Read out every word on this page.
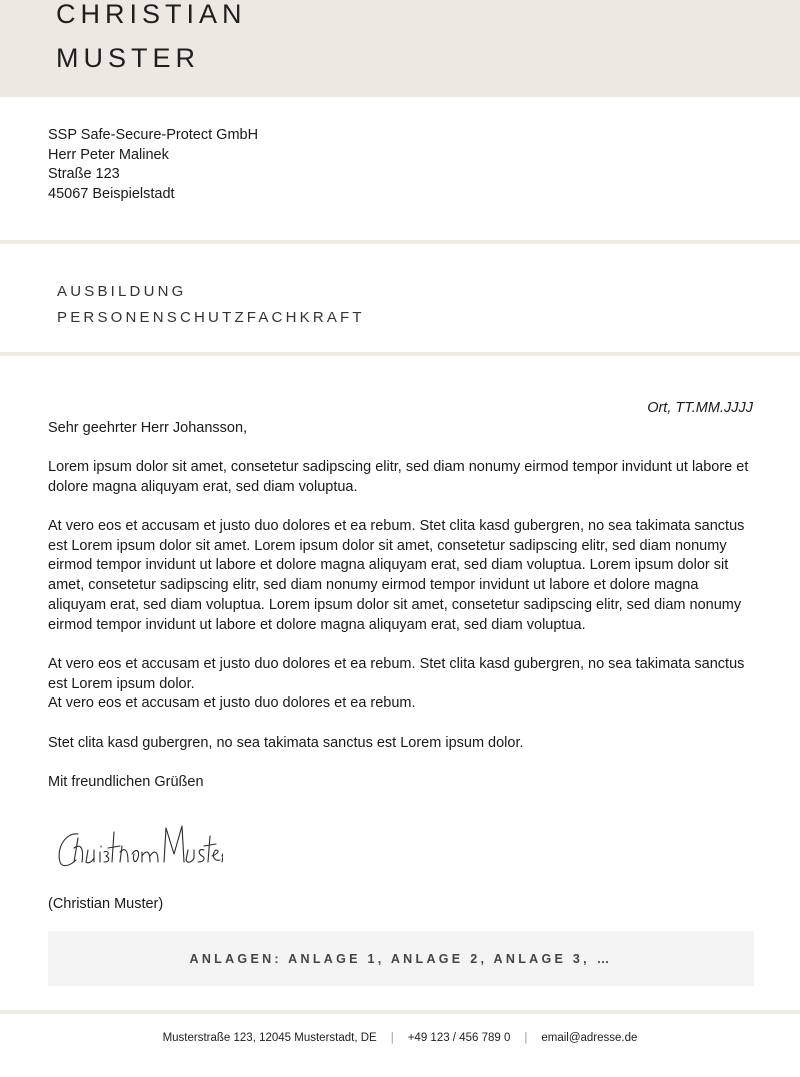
CHRISTIAN
MUSTER
SSP Safe-Secure-Protect GmbH
Herr Peter Malinek
Straße 123
45067 Beispielstadt
AUSBILDUNG
PERSONENSCHUTZFACHKRAFT
Ort, TT.MM.JJJJ
Sehr geehrter Herr Johansson,

Lorem ipsum dolor sit amet, consetetur sadipscing elitr, sed diam nonumy eirmod tempor invidunt ut labore et dolore magna aliquyam erat, sed diam voluptua.

At vero eos et accusam et justo duo dolores et ea rebum. Stet clita kasd gubergren, no sea takimata sanctus est Lorem ipsum dolor sit amet. Lorem ipsum dolor sit amet, consetetur sadipscing elitr, sed diam nonumy eirmod tempor invidunt ut labore et dolore magna aliquyam erat, sed diam voluptua. Lorem ipsum dolor sit amet, consetetur sadipscing elitr, sed diam nonumy eirmod tempor invidunt ut labore et dolore magna aliquyam erat, sed diam voluptua. Lorem ipsum dolor sit amet, consetetur sadipscing elitr, sed diam nonumy eirmod tempor invidunt ut labore et dolore magna aliquyam erat, sed diam voluptua.

At vero eos et accusam et justo duo dolores et ea rebum. Stet clita kasd gubergren, no sea takimata sanctus est Lorem ipsum dolor.

At vero eos et accusam et justo duo dolores et ea rebum.

Stet clita kasd gubergren, no sea takimata sanctus est Lorem ipsum dolor.
Mit freundlichen Grüßen
(Christian Muster)
ANLAGEN: ANLAGE 1, ANLAGE 2, ANLAGE 3, …
Musterstraße 123, 12045 Musterstadt, DE | +49 123 / 456 789 0 | email@adresse.de
